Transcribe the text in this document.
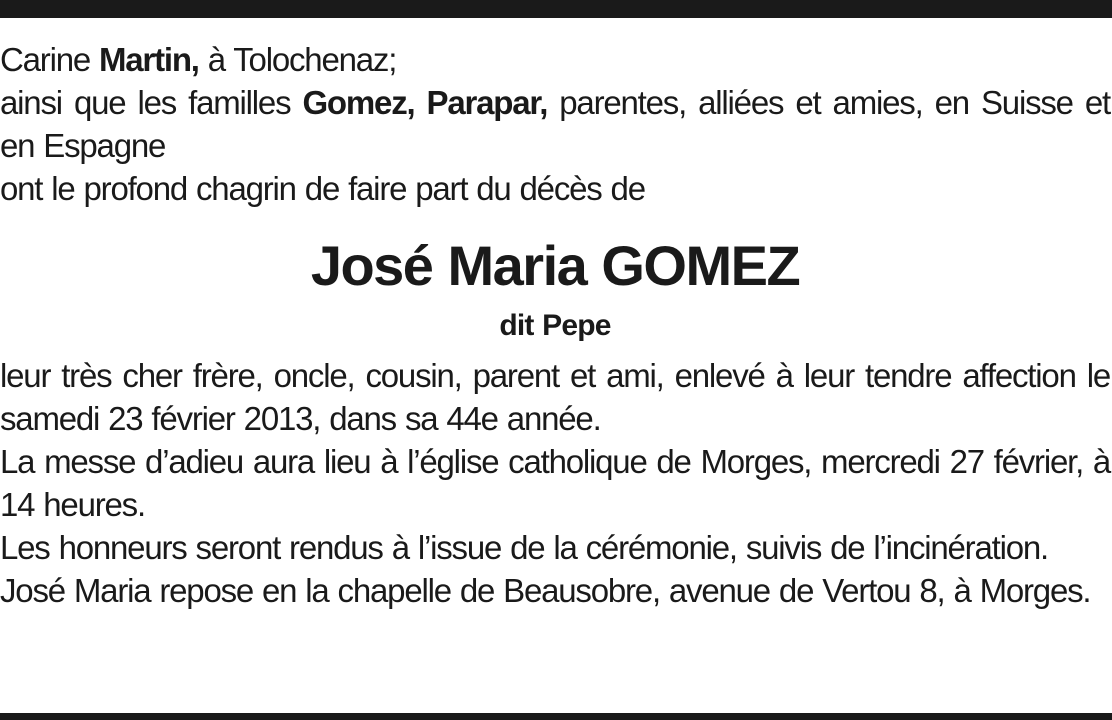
Carine Martin, à Tolochenaz;

ainsi que les familles Gomez, Parapar, parentes, alliées et amies, en Suisse et en Espagne

ont le profond chagrin de faire part du décès de

José Maria GOMEZ

dit Pepe

leur très cher frère, oncle, cousin, parent et ami, enlevé à leur tendre affection le samedi 23 février 2013, dans sa 44e année.

La messe d’adieu aura lieu à l’église catholique de Morges, mercredi 27 février, à 14 heures.

Les honneurs seront rendus à l’issue de la cérémonie, suivis de l’incinération.

José Maria repose en la chapelle de Beausobre, avenue de Vertou 8, à Morges.
